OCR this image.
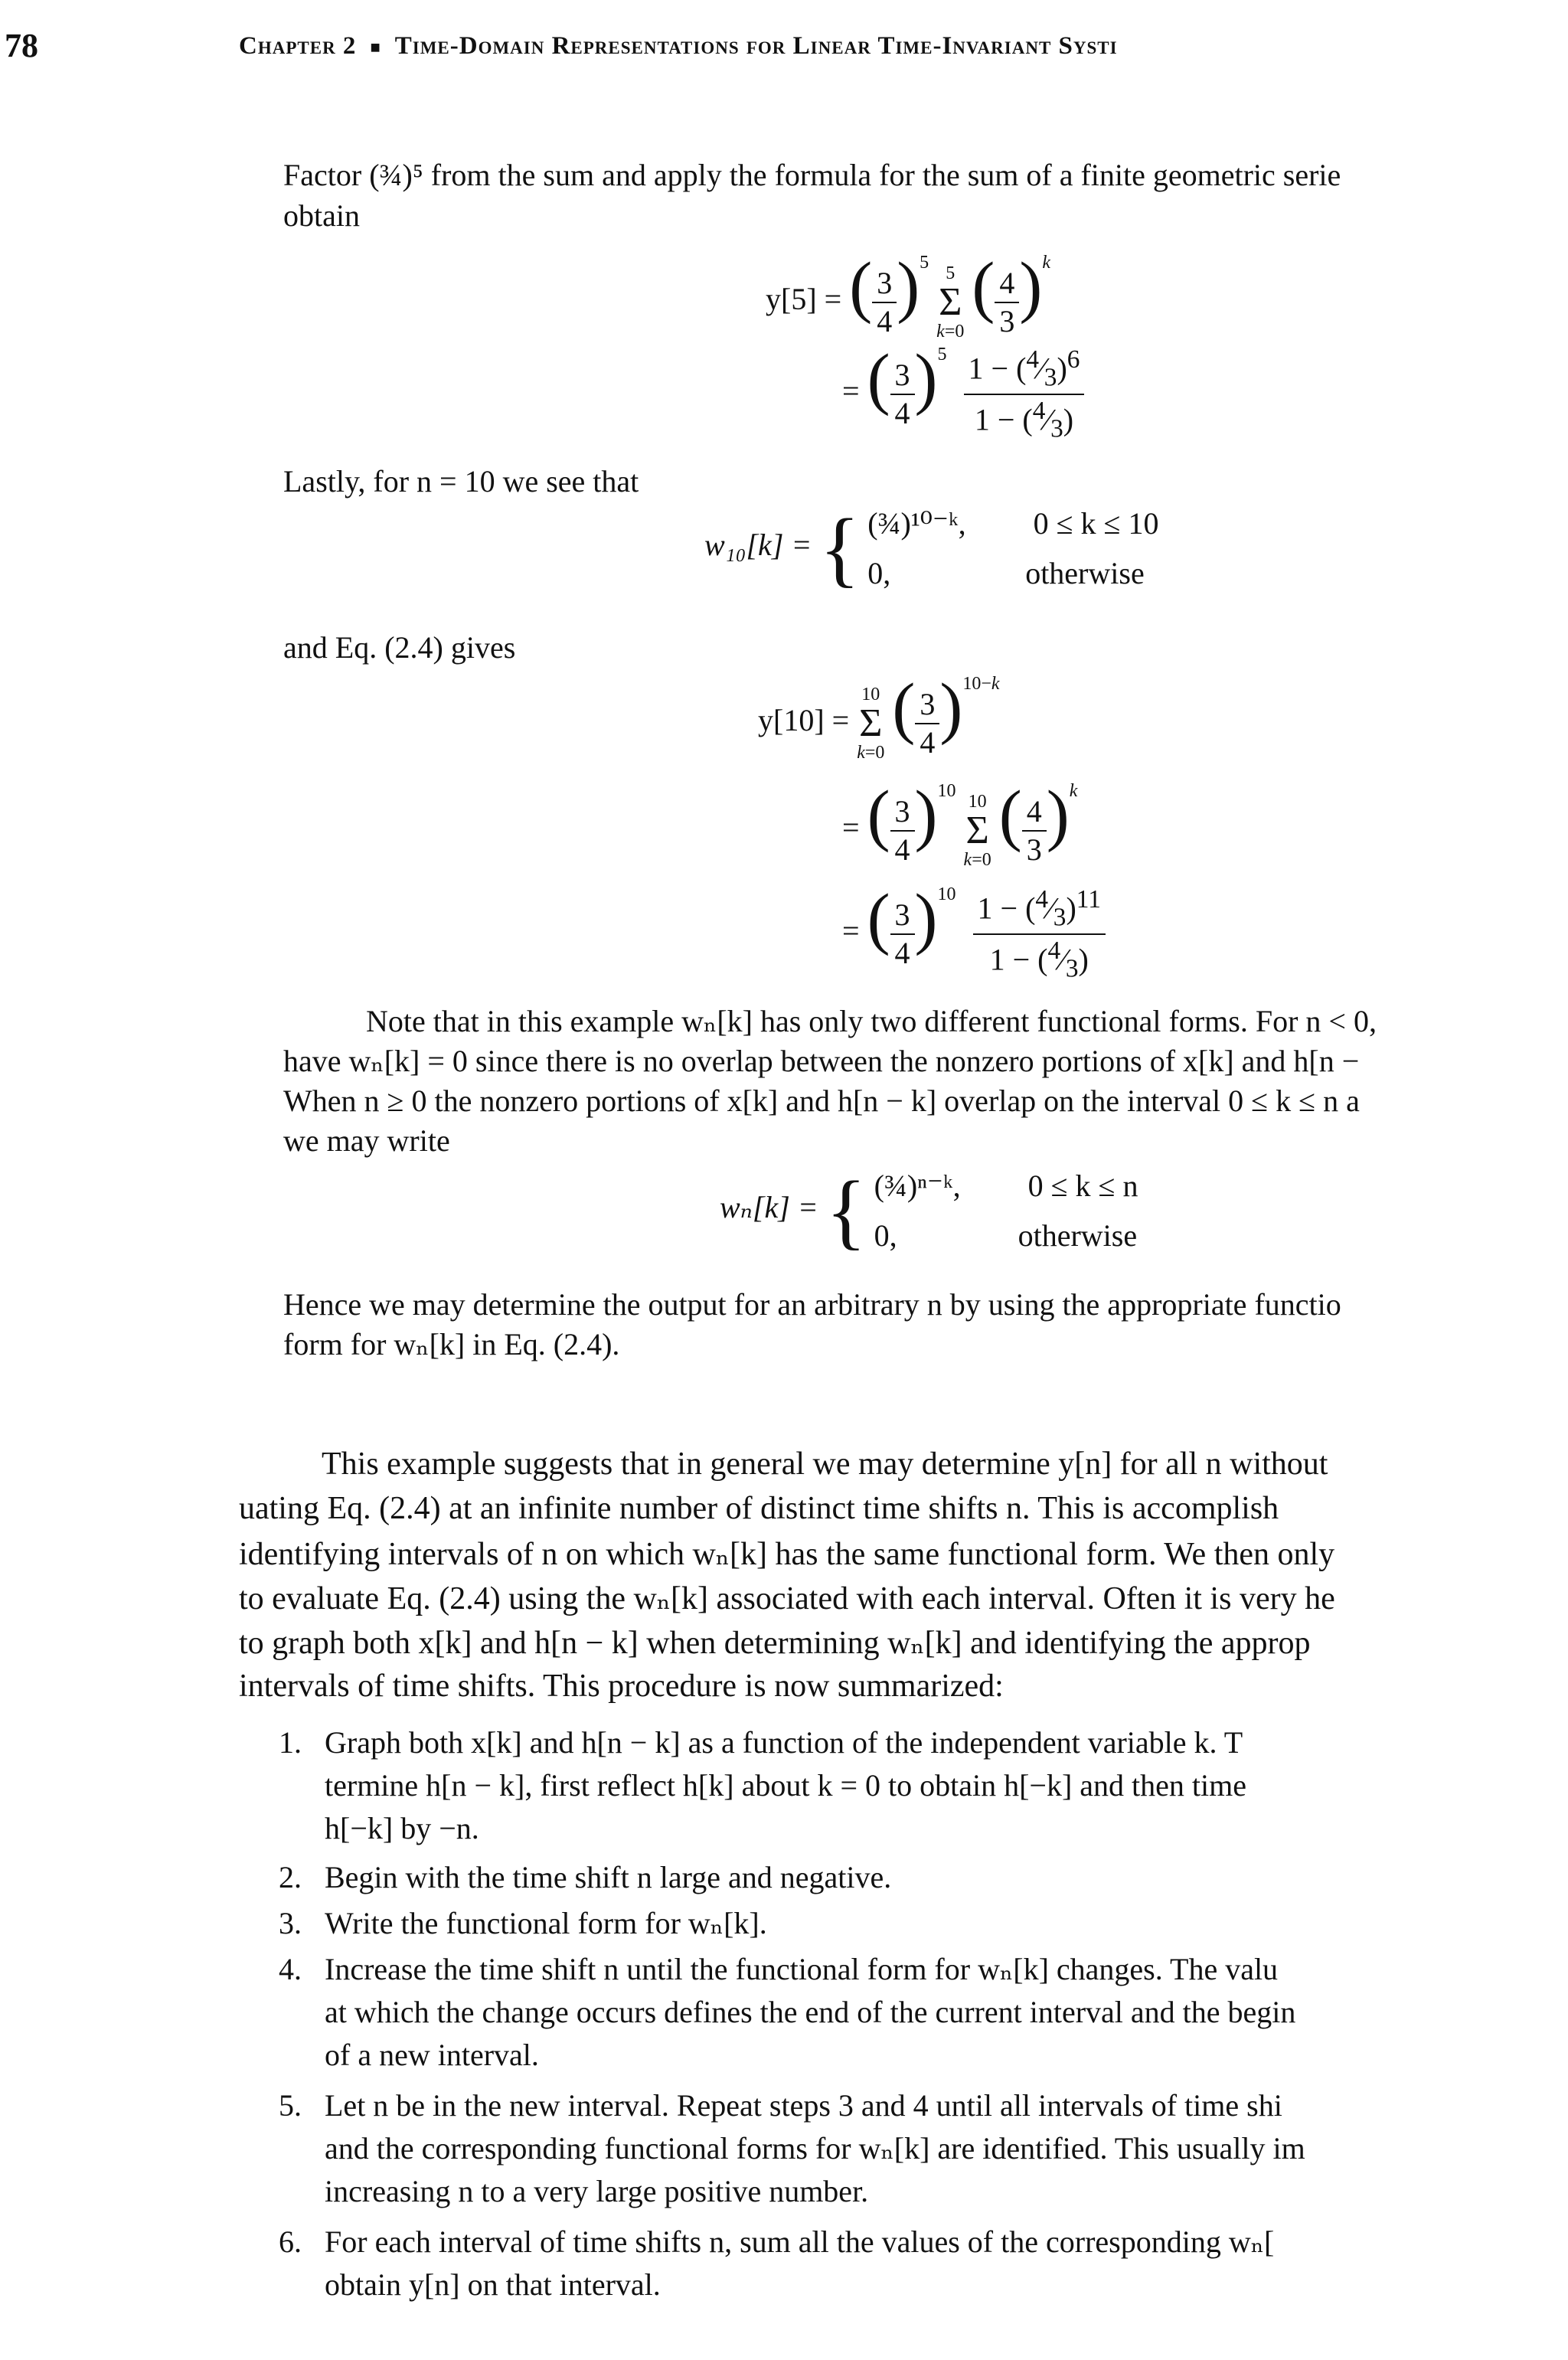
78	Chapter 2 ■ Time-Domain Representations for Linear Time-Invariant Systi
Factor (¾)⁵ from the sum and apply the formula for the sum of a finite geometric serie
obtain
y[5] = ( $\frac{3}{4} )^5$
5
Σ
k=0
( $\frac{4}{3} )^k$
= ( $\frac{3}{4} )^5 \frac{1 - (^4⁄_3)^6}{1 - (^4⁄_3)}$
Lastly, for n = 10 we see that
w₁₀[k] = { (¾)¹⁰⁻ᵏ, 0 ≤ k ≤ 10
0,	otherwise
and Eq. (2.4) gives
y[10] =
10
Σ
k=0
( $\frac{3}{4} )^{10-k}$
= ( $\frac{3}{4} )^{10}$
10
Σ
k=0
( $\frac{4}{3} )^k$
= ( $\frac{3}{4} )^{10} \frac{1 - (^4⁄_3)^{11}}{1 - (^4⁄_3)}$
Note that in this example wₙ[k] has only two different functional forms. For n < 0,
have wₙ[k] = 0 since there is no overlap between the nonzero portions of x[k] and h[n −
When n ≥ 0 the nonzero portions of x[k] and h[n − k] overlap on the interval 0 ≤ k ≤ n a
we may write
wₙ[k] = { (¾)ⁿ⁻ᵏ, 0 ≤ k ≤ n
0,	otherwise
Hence we may determine the output for an arbitrary n by using the appropriate functio
form for wₙ[k] in Eq. (2.4).
This example suggests that in general we may determine y[n] for all n without
uating Eq. (2.4) at an infinite number of distinct time shifts n. This is accomplish
identifying intervals of n on which wₙ[k] has the same functional form. We then only
to evaluate Eq. (2.4) using the wₙ[k] associated with each interval. Often it is very he
to graph both x[k] and h[n − k] when determining wₙ[k] and identifying the approp
intervals of time shifts. This procedure is now summarized:
1. Graph both x[k] and h[n − k] as a function of the independent variable k. T
termine h[n − k], first reflect h[k] about k = 0 to obtain h[−k] and then time
h[−k] by −n.
2. Begin with the time shift n large and negative.
3. Write the functional form for wₙ[k].
4. Increase the time shift n until the functional form for wₙ[k] changes. The valu
at which the change occurs defines the end of the current interval and the begin
of a new interval.
5. Let n be in the new interval. Repeat steps 3 and 4 until all intervals of time shi
and the corresponding functional forms for wₙ[k] are identified. This usually im
increasing n to a very large positive number.
6. For each interval of time shifts n, sum all the values of the corresponding wₙ[
obtain y[n] on that interval.
